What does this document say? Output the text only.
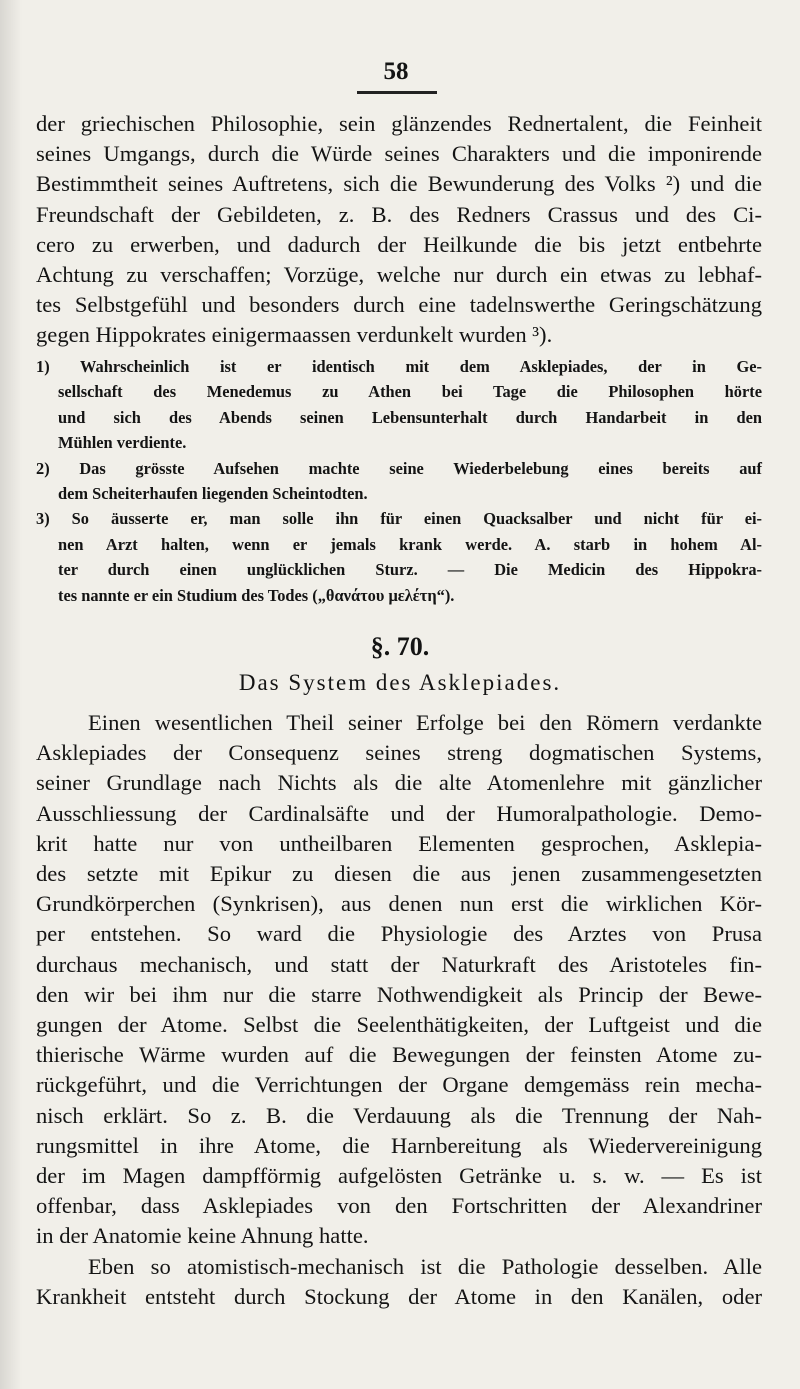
58
der griechischen Philosophie, sein glänzendes Rednertalent, die Feinheit
seines Umgangs, durch die Würde seines Charakters und die imponirende
Bestimmtheit seines Auftretens, sich die Bewunderung des Volks ²) und die
Freundschaft der Gebildeten, z. B. des Redners Crassus und des Ci-
cero zu erwerben, und dadurch der Heilkunde die bis jetzt entbehrte
Achtung zu verschaffen; Vorzüge, welche nur durch ein etwas zu lebhaf-
tes Selbstgefühl und besonders durch eine tadelnswerthe Geringschätzung
gegen Hippokrates einigermaassen verdunkelt wurden ³).
1) Wahrscheinlich ist er identisch mit dem Asklepiades, der in Ge-
sellschaft des Menedemus zu Athen bei Tage die Philosophen hörte
und sich des Abends seinen Lebensunterhalt durch Handarbeit in den
Mühlen verdiente.
2) Das grösste Aufsehen machte seine Wiederbelebung eines bereits auf
dem Scheiterhaufen liegenden Scheintodten.
3) So äusserte er, man solle ihn für einen Quacksalber und nicht für ei-
nen Arzt halten, wenn er jemals krank werde. A. starb in hohem Al-
ter durch einen unglücklichen Sturz. — Die Medicin des Hippokra-
tes nannte er ein Studium des Todes („θανάτου μελέτη“).
§. 70.
Das System des Asklepiades.
Einen wesentlichen Theil seiner Erfolge bei den Römern verdankte
Asklepiades der Consequenz seines streng dogmatischen Systems,
seiner Grundlage nach Nichts als die alte Atomenlehre mit gänzlicher
Ausschliessung der Cardinalsäfte und der Humoralpathologie. Demo-
krit hatte nur von untheilbaren Elementen gesprochen, Asklepia-
des setzte mit Epikur zu diesen die aus jenen zusammengesetzten
Grundkörperchen (Synkrisen), aus denen nun erst die wirklichen Kör-
per entstehen. So ward die Physiologie des Arztes von Prusa
durchaus mechanisch, und statt der Naturkraft des Aristoteles fin-
den wir bei ihm nur die starre Nothwendigkeit als Princip der Bewe-
gungen der Atome. Selbst die Seelenthätigkeiten, der Luftgeist und die
thierische Wärme wurden auf die Bewegungen der feinsten Atome zu-
rückgeführt, und die Verrichtungen der Organe demgemäss rein mecha-
nisch erklärt. So z. B. die Verdauung als die Trennung der Nah-
rungsmittel in ihre Atome, die Harnbereitung als Wiedervereinigung
der im Magen dampfförmig aufgelösten Getränke u. s. w. — Es ist
offenbar, dass Asklepiades von den Fortschritten der Alexandriner
in der Anatomie keine Ahnung hatte.
Eben so atomistisch-mechanisch ist die Pathologie desselben. Alle
Krankheit entsteht durch Stockung der Atome in den Kanälen, oder
